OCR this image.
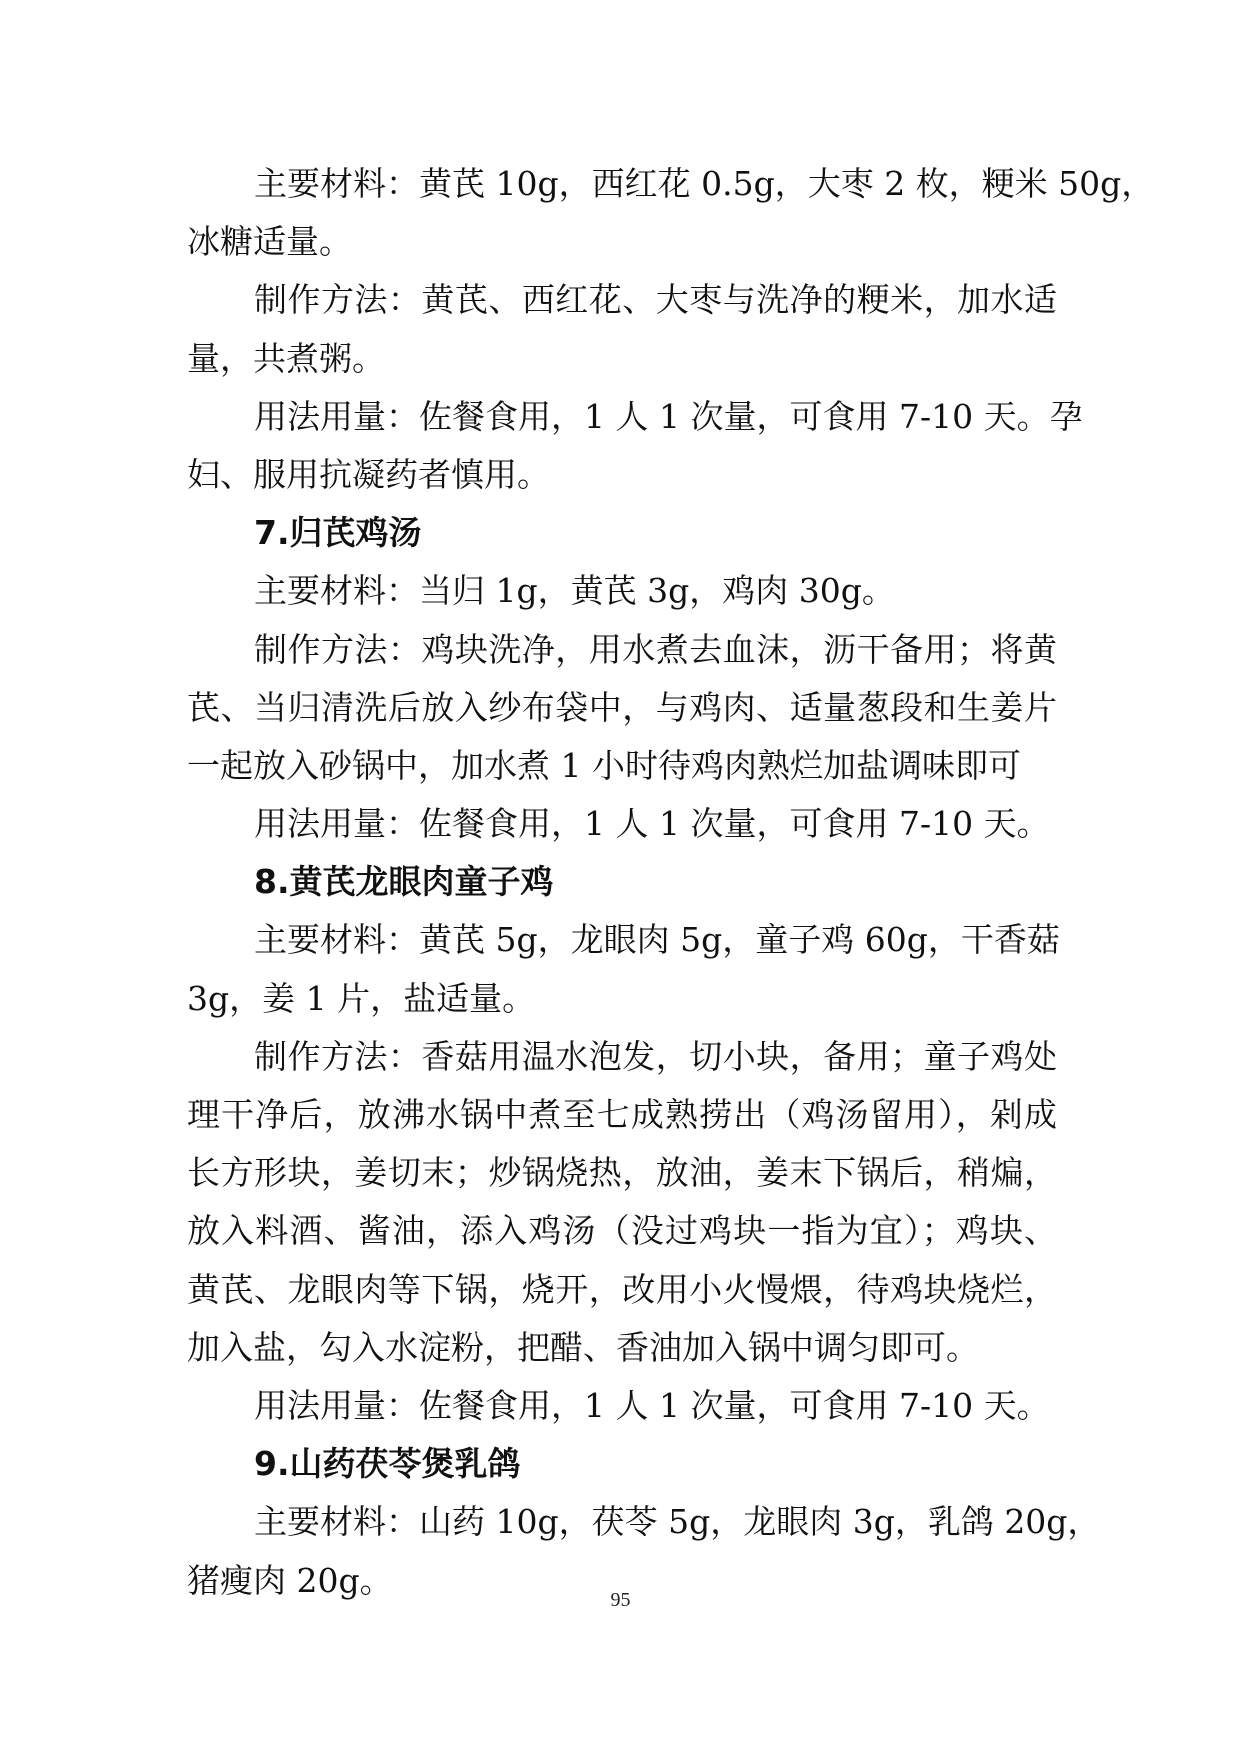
主要材料：黄芪 10g，西红花 0.5g，大枣 2 枚，粳米 50g，
冰糖适量。
制作方法：黄芪、西红花、大枣与洗净的粳米，加水适
量，共煮粥。
用法用量：佐餐食用，1 人 1 次量，可食用 7-10 天。孕
妇、服用抗凝药者慎用。
7.归芪鸡汤
主要材料：当归 1g，黄芪 3g，鸡肉 30g。
制作方法：鸡块洗净，用水煮去血沫，沥干备用；将黄
芪、当归清洗后放入纱布袋中，与鸡肉、适量葱段和生姜片
一起放入砂锅中，加水煮 1 小时待鸡肉熟烂加盐调味即可
用法用量：佐餐食用，1 人 1 次量，可食用 7-10 天。
8.黄芪龙眼肉童子鸡
主要材料：黄芪 5g，龙眼肉 5g，童子鸡 60g，干香菇
3g，姜 1 片，盐适量。
制作方法：香菇用温水泡发，切小块，备用；童子鸡处
理干净后，放沸水锅中煮至七成熟捞出（鸡汤留用），剁成
长方形块，姜切末；炒锅烧热，放油，姜末下锅后，稍煸，
放入料酒、酱油，添入鸡汤（没过鸡块一指为宜）；鸡块、
黄芪、龙眼肉等下锅，烧开，改用小火慢煨，待鸡块烧烂，
加入盐，勾入水淀粉，把醋、香油加入锅中调匀即可。
用法用量：佐餐食用，1 人 1 次量，可食用 7-10 天。
9.山药茯苓煲乳鸽
主要材料：山药 10g，茯苓 5g，龙眼肉 3g，乳鸽 20g，
猪瘦肉 20g。
95
